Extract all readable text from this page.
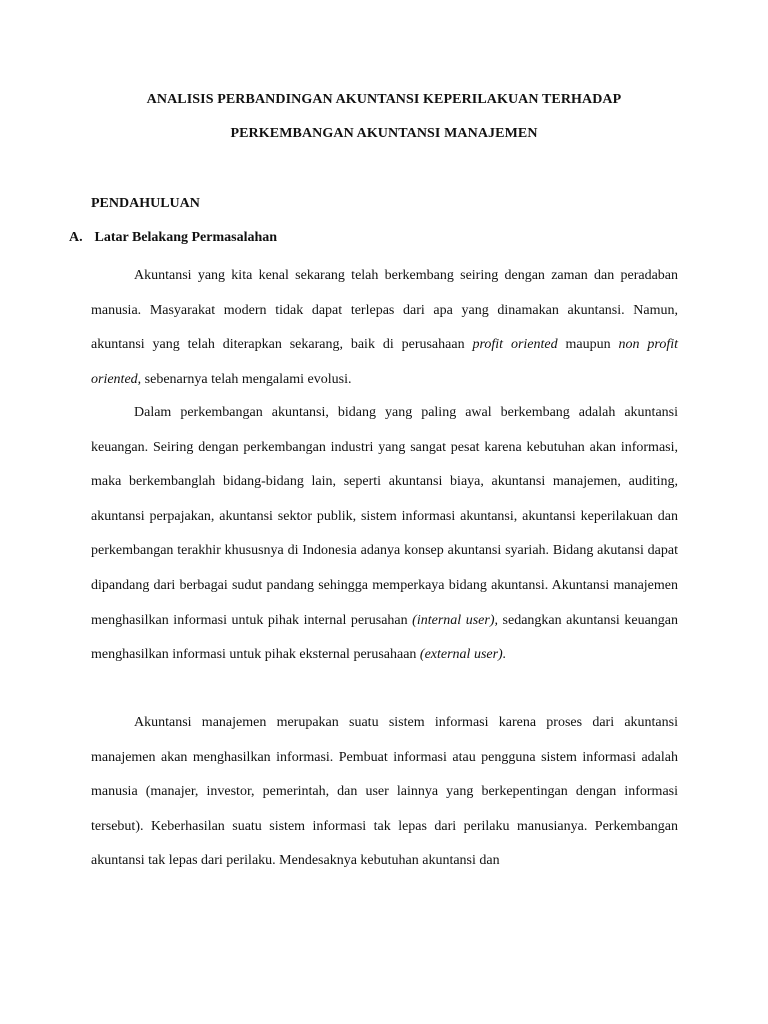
ANALISIS PERBANDINGAN AKUNTANSI KEPERILAKUAN TERHADAP
PERKEMBANGAN AKUNTANSI MANAJEMEN
PENDAHULUAN
A. Latar Belakang Permasalahan

Akuntansi yang kita kenal sekarang telah berkembang seiring dengan zaman dan peradaban manusia. Masyarakat modern tidak dapat terlepas dari apa yang dinamakan akuntansi. Namun, akuntansi yang telah diterapkan sekarang, baik di perusahaan profit oriented maupun non profit oriented, sebenarnya telah mengalami evolusi.

Dalam perkembangan akuntansi, bidang yang paling awal berkembang adalah akuntansi keuangan. Seiring dengan perkembangan industri yang sangat pesat karena kebutuhan akan informasi, maka berkembanglah bidang-bidang lain, seperti akuntansi biaya, akuntansi manajemen, auditing, akuntansi perpajakan, akuntansi sektor publik, sistem informasi akuntansi, akuntansi keperilakuan dan perkembangan terakhir khususnya di Indonesia adanya konsep akuntansi syariah. Bidang akutansi dapat dipandang dari berbagai sudut pandang sehingga memperkaya bidang akuntansi. Akuntansi manajemen menghasilkan informasi untuk pihak internal perusahan (internal user), sedangkan akuntansi keuangan menghasilkan informasi untuk pihak eksternal perusahaan (external user).

Akuntansi manajemen merupakan suatu sistem informasi karena proses dari akuntansi manajemen akan menghasilkan informasi. Pembuat informasi atau pengguna sistem informasi adalah manusia (manajer, investor, pemerintah, dan user lainnya yang berkepentingan dengan informasi tersebut). Keberhasilan suatu sistem informasi tak lepas dari perilaku manusianya. Perkembangan akuntansi tak lepas dari perilaku. Mendesaknya kebutuhan akuntansi dan
